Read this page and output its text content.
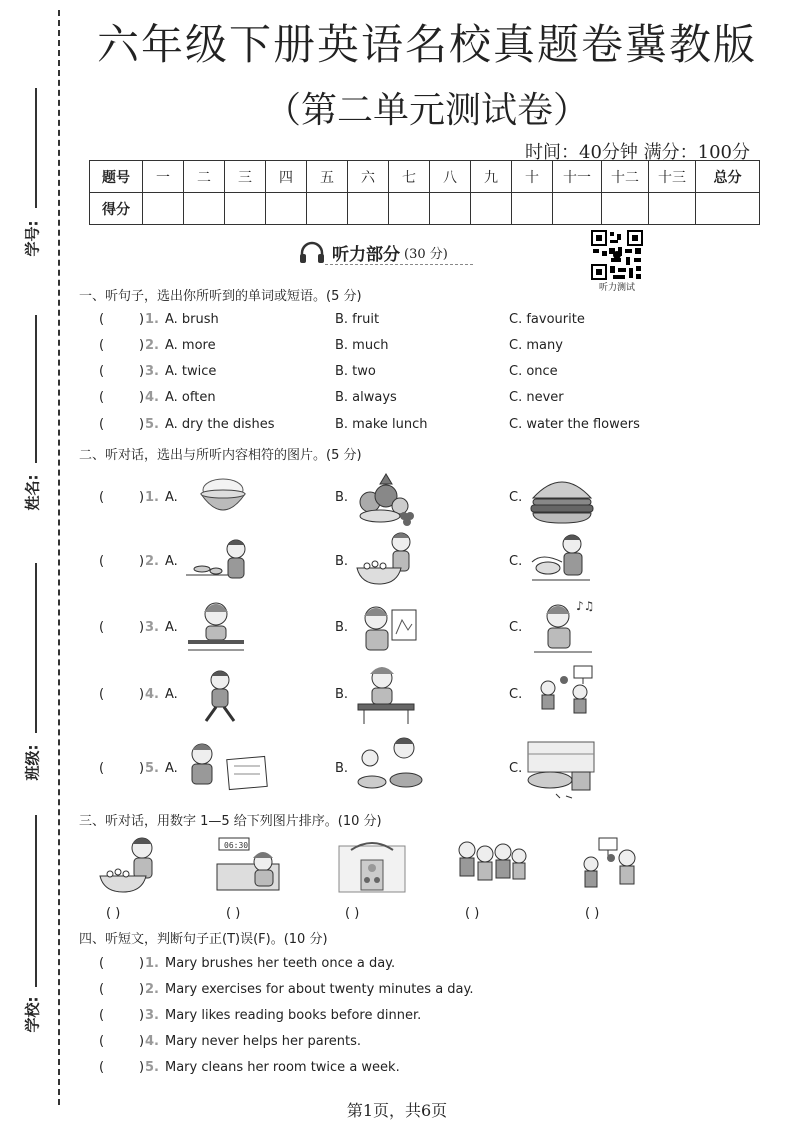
学号:
姓名:
班级:
学校:
六年级下册英语名校真题卷冀教版
（第二单元测试卷）
时间：40分钟 满分：100分
题号	一	二	三	四	五	六	七	八	九	十	十一	十二	十三	总分
得分														
听力部分 (30 分)
听力测试
一、听句子，选出你所听到的单词或短语。(5 分)
(	) 1. A. brush	B. fruit	C. favourite
(	) 2. A. more	B. much	C. many
(	) 3. A. twice	B. two	C. once
(	) 4. A. often	B. always	C. never
(	) 5. A. dry the dishes	B. make lunch	C. water the flowers
二、听对话，选出与所听内容相符的图片。(5 分)
(	) 1. A.	B.	C.
(	) 2. A.	B.	C.
(	) 3. A.	B.	C.
♪♫
(	) 4. A.	B.	C.
(	) 5. A.	B.	C.
三、听对话，用数字 1—5 给下列图片排序。(10 分)
( )
06:30
( )	( )	( )	( )
四、听短文，判断句子正(T)误(F)。(10 分)
(	) 1. Mary brushes her teeth once a day.
(	) 2. Mary exercises for about twenty minutes a day.
(	) 3. Mary likes reading books before dinner.
(	) 4. Mary never helps her parents.
(	) 5. Mary cleans her room twice a week.
第1页，共6页
